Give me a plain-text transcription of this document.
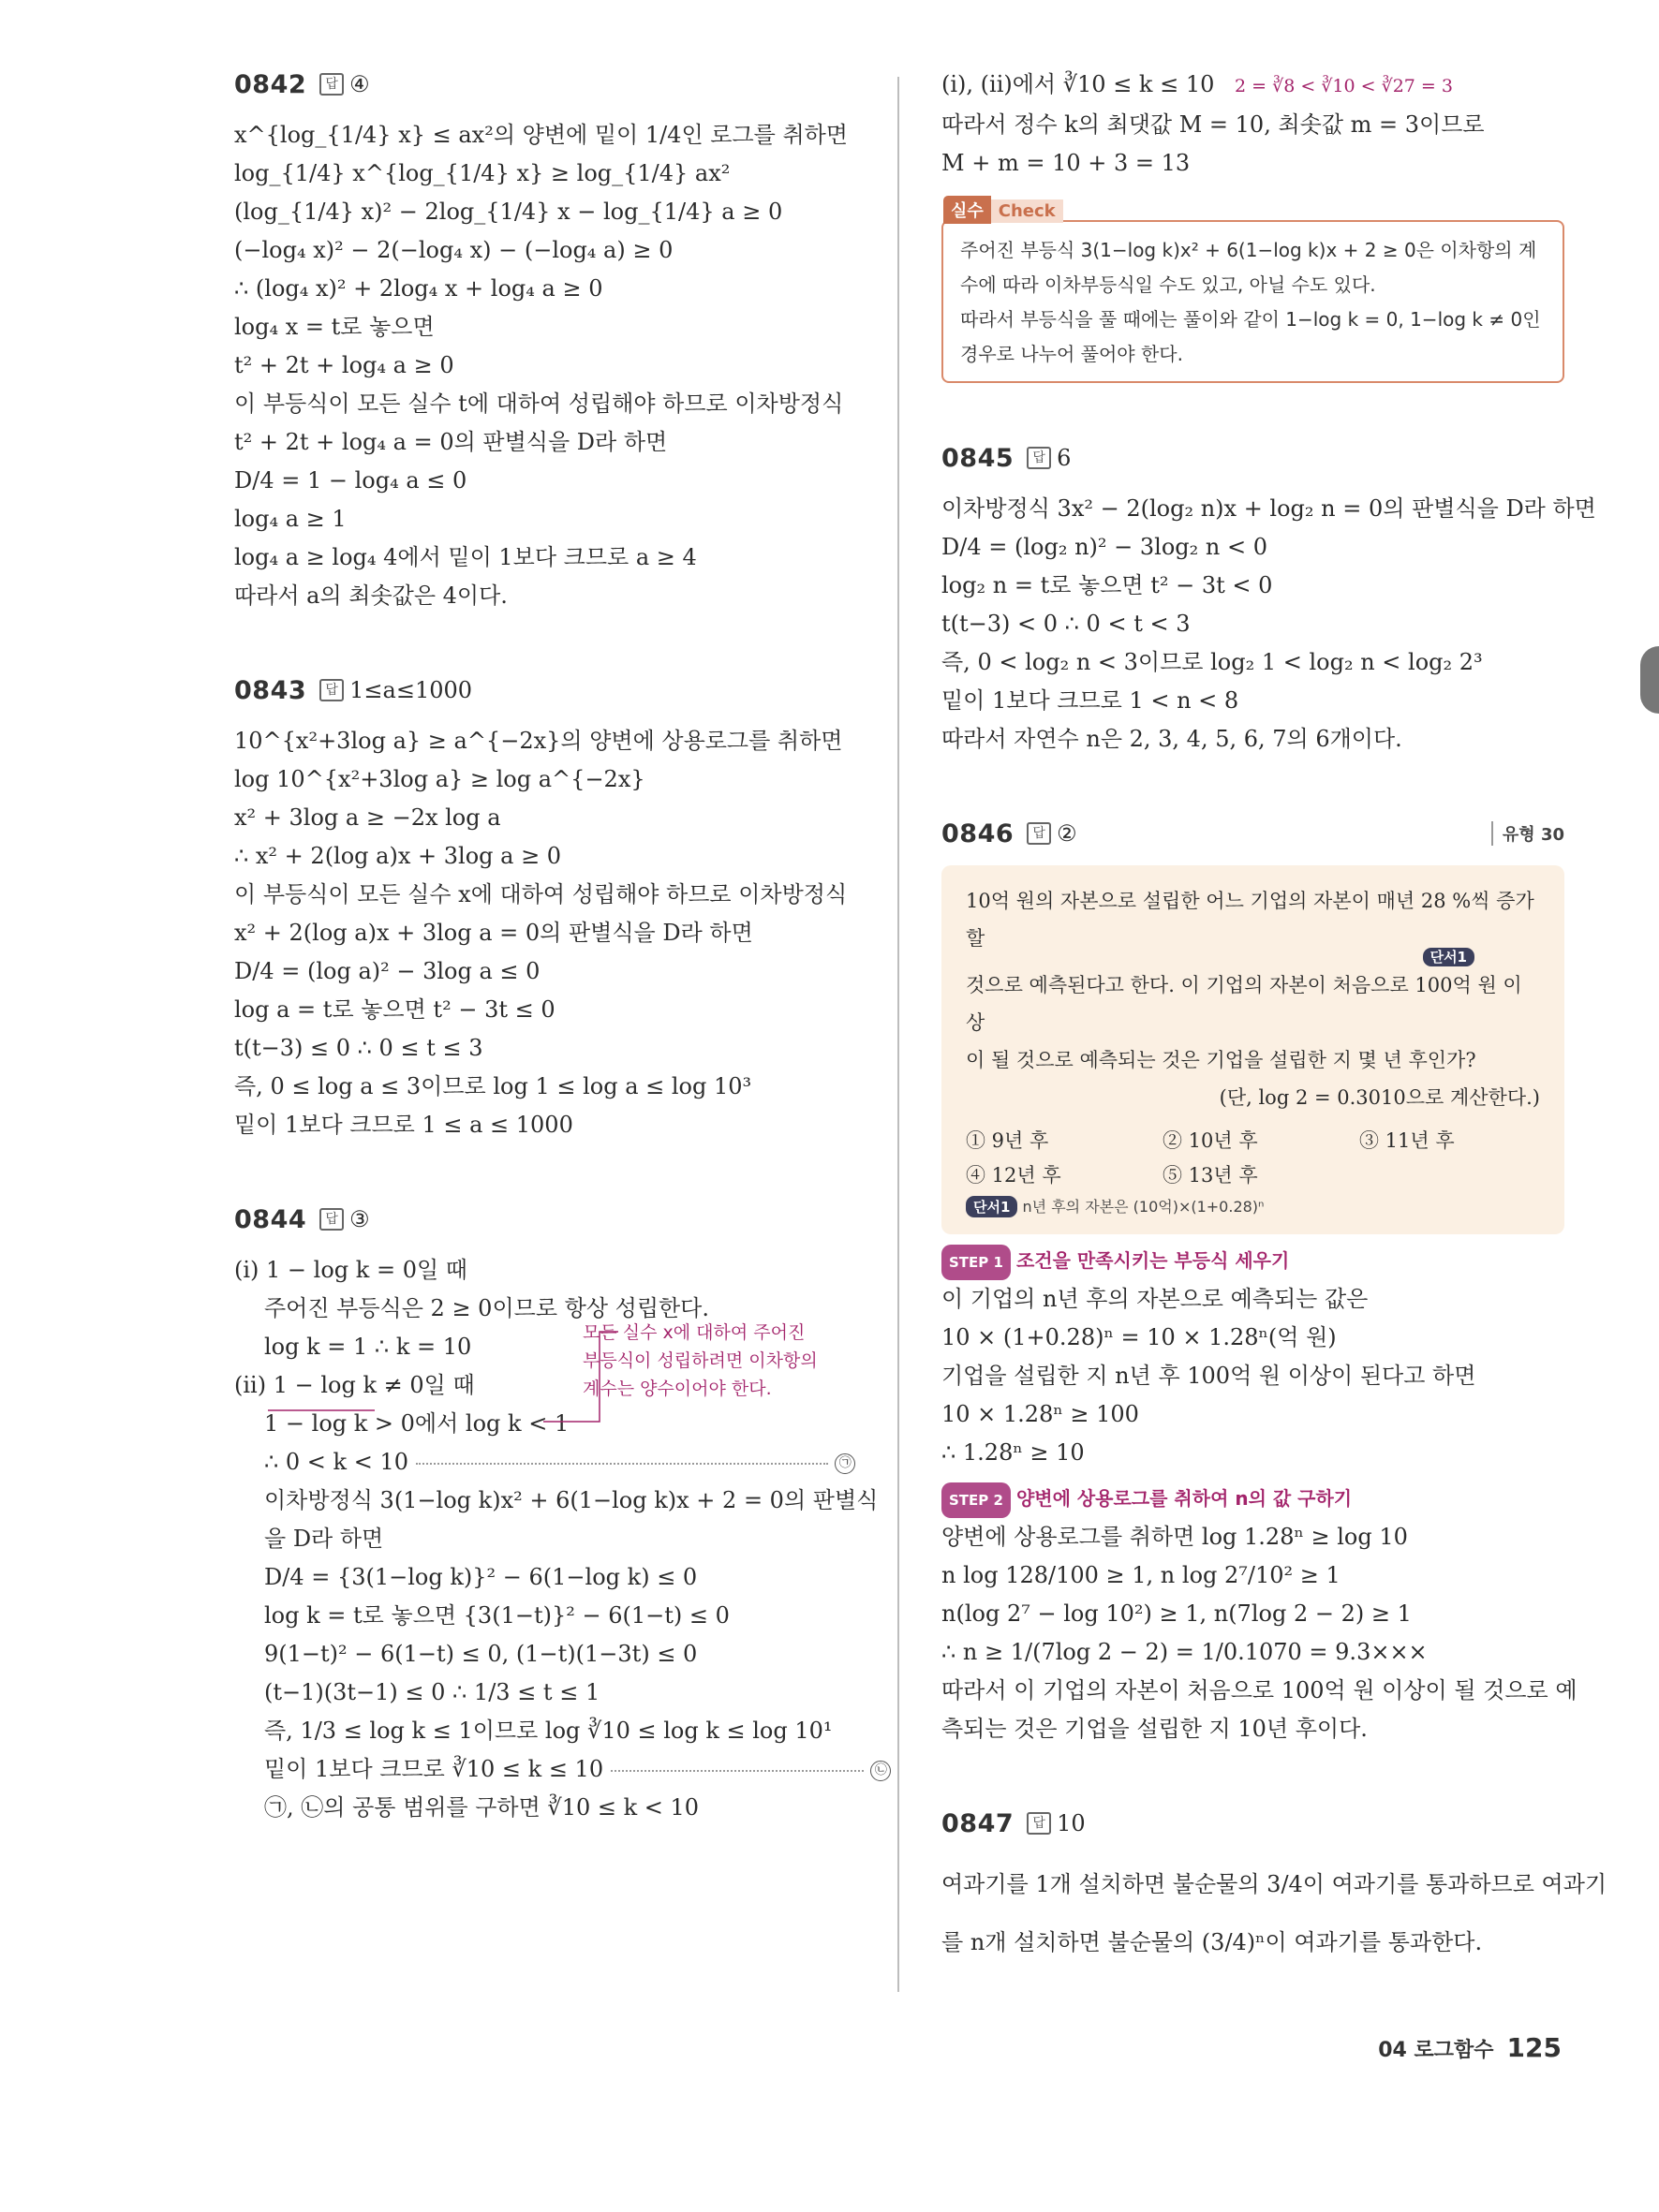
0842	답 ④
x^{log_{1/4} x} ≤ ax²의 양변에 밑이 1/4인 로그를 취하면
log_{1/4} x^{log_{1/4} x} ≥ log_{1/4} ax²
(log_{1/4} x)² − 2log_{1/4} x − log_{1/4} a ≥ 0
(−log₄ x)² − 2(−log₄ x) − (−log₄ a) ≥ 0
∴ (log₄ x)² + 2log₄ x + log₄ a ≥ 0
log₄ x = t로 놓으면
t² + 2t + log₄ a ≥ 0
이 부등식이 모든 실수 t에 대하여 성립해야 하므로 이차방정식
t² + 2t + log₄ a = 0의 판별식을 D라 하면
D/4 = 1 − log₄ a ≤ 0
log₄ a ≥ 1
log₄ a ≥ log₄ 4에서 밑이 1보다 크므로 a ≥ 4
따라서 a의 최솟값은 4이다.
0843	답 1≤a≤1000
10^{x²+3log a} ≥ a^{−2x}의 양변에 상용로그를 취하면
log 10^{x²+3log a} ≥ log a^{−2x}
x² + 3log a ≥ −2x log a
∴ x² + 2(log a)x + 3log a ≥ 0
이 부등식이 모든 실수 x에 대하여 성립해야 하므로 이차방정식
x² + 2(log a)x + 3log a = 0의 판별식을 D라 하면
D/4 = (log a)² − 3log a ≤ 0
log a = t로 놓으면 t² − 3t ≤ 0
t(t−3) ≤ 0 ∴ 0 ≤ t ≤ 3
즉, 0 ≤ log a ≤ 3이므로 log 1 ≤ log a ≤ log 10³
밑이 1보다 크므로 1 ≤ a ≤ 1000
0844	답 ③
(i) 1 − log k = 0일 때
주어진 부등식은 2 ≥ 0이므로 항상 성립한다.
log k = 1 ∴ k = 10
(ii) 1 − log k ≠ 0일 때
1 − log k > 0에서 log k < 1
∴ 0 < k < 10	㉠
이차방정식 3(1−log k)x² + 6(1−log k)x + 2 = 0의 판별식
을 D라 하면
D/4 = {3(1−log k)}² − 6(1−log k) ≤ 0
log k = t로 놓으면 {3(1−t)}² − 6(1−t) ≤ 0
9(1−t)² − 6(1−t) ≤ 0, (1−t)(1−3t) ≤ 0
(t−1)(3t−1) ≤ 0 ∴ 1/3 ≤ t ≤ 1
즉, 1/3 ≤ log k ≤ 1이므로 log ∛10 ≤ log k ≤ log 10¹
밑이 1보다 크므로 ∛10 ≤ k ≤ 10	㉡
㉠, ㉡의 공통 범위를 구하면 ∛10 ≤ k < 10
모든 실수 x에 대하여 주어진
부등식이 성립하려면 이차항의
계수는 양수이어야 한다.
(i), (ii)에서 ∛10 ≤ k ≤ 10 2 = ∛8 < ∛10 < ∛27 = 3
따라서 정수 k의 최댓값 M = 10, 최솟값 m = 3이므로
M + m = 10 + 3 = 13
실수 Check
주어진 부등식 3(1−log k)x² + 6(1−log k)x + 2 ≥ 0은 이차항의 계
수에 따라 이차부등식일 수도 있고, 아닐 수도 있다.
따라서 부등식을 풀 때에는 풀이와 같이 1−log k = 0, 1−log k ≠ 0인
경우로 나누어 풀어야 한다.
0845	답 6
이차방정식 3x² − 2(log₂ n)x + log₂ n = 0의 판별식을 D라 하면
D/4 = (log₂ n)² − 3log₂ n < 0
log₂ n = t로 놓으면 t² − 3t < 0
t(t−3) < 0 ∴ 0 < t < 3
즉, 0 < log₂ n < 3이므로 log₂ 1 < log₂ n < log₂ 2³
밑이 1보다 크므로 1 < n < 8
따라서 자연수 n은 2, 3, 4, 5, 6, 7의 6개이다.
0846	답 ②	유형 30
10억 원의 자본으로 설립한 어느 기업의 자본이 매년 28 %씩 증가할
단서1
것으로 예측된다고 한다. 이 기업의 자본이 처음으로 100억 원 이상
이 될 것으로 예측되는 것은 기업을 설립한 지 몇 년 후인가?
(단, log 2 = 0.3010으로 계산한다.)
① 9년 후	② 10년 후	③ 11년 후
④ 12년 후	⑤ 13년 후
단서1 n년 후의 자본은 (10억)×(1+0.28)ⁿ
STEP 1 조건을 만족시키는 부등식 세우기
이 기업의 n년 후의 자본으로 예측되는 값은
10 × (1+0.28)ⁿ = 10 × 1.28ⁿ(억 원)
기업을 설립한 지 n년 후 100억 원 이상이 된다고 하면
10 × 1.28ⁿ ≥ 100
∴ 1.28ⁿ ≥ 10
STEP 2 양변에 상용로그를 취하여 n의 값 구하기
양변에 상용로그를 취하면 log 1.28ⁿ ≥ log 10
n log 128/100 ≥ 1, n log 2⁷/10² ≥ 1
n(log 2⁷ − log 10²) ≥ 1, n(7log 2 − 2) ≥ 1
∴ n ≥ 1/(7log 2 − 2) = 1/0.1070 = 9.3×××
따라서 이 기업의 자본이 처음으로 100억 원 이상이 될 것으로 예
측되는 것은 기업을 설립한 지 10년 후이다.
0847	답 10
여과기를 1개 설치하면 불순물의 3/4이 여과기를 통과하므로 여과기
를 n개 설치하면 불순물의 (3/4)ⁿ이 여과기를 통과한다.
04 로그함수 125
